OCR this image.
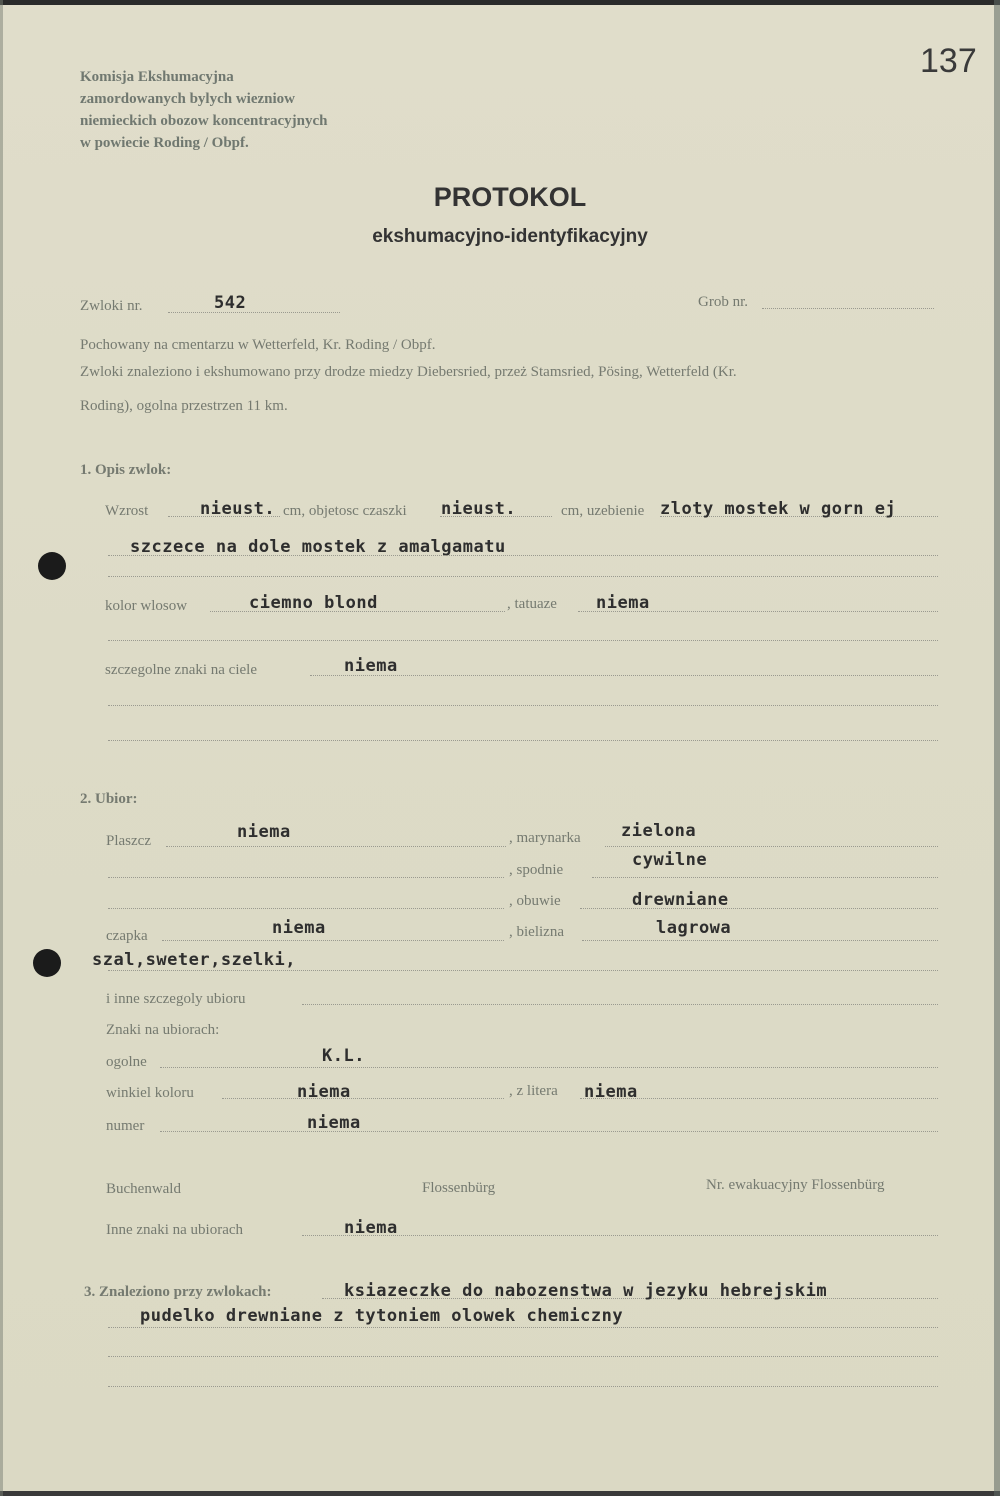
137
Komisja Ekshumacyjna
zamordowanych bylych wiezniow
niemieckich obozow koncentracyjnych
w powiecie Roding / Obpf.
PROTOKOL
ekshumacyjno-identyfikacyjny
Zwloki nr.	542	Grob nr.
Pochowany na cmentarzu w Wetterfeld, Kr. Roding / Obpf.
Zwloki znaleziono i ekshumowano przy drodze miedzy Diebersried, przeż Stamsried, Pösing, Wetterfeld (Kr.
Roding), ogolna przestrzen 11 km.
1. Opis zwlok:
Wzrost	nieust. cm, objetosc czaszki nieust.	cm, uzebienie zloty mostek w gorn ej
szczece na dole mostek z amalgamatu
kolor wlosow	ciemno blond	, tatuaze niema
szczegolne znaki na ciele	niema
2. Ubior:
Plaszcz	niema	, marynarka zielona
, spodnie	cywilne
, obuwie	drewniane
czapka	niema	, bielizna	lagrowa
szal,sweter,szelki,
i inne szczegoly ubioru
Znaki na ubiorach:
ogolne	K.L.
winkiel koloru	niema	, z litera niema
numer	niema
Buchenwald	Flossenbürg	Nr. ewakuacyjny Flossenbürg
Inne znaki na ubiorach	niema
3. Znaleziono przy zwlokach:	ksiazeczke do nabozenstwa w jezyku hebrejskim
pudelko drewniane z tytoniem olowek chemiczny
